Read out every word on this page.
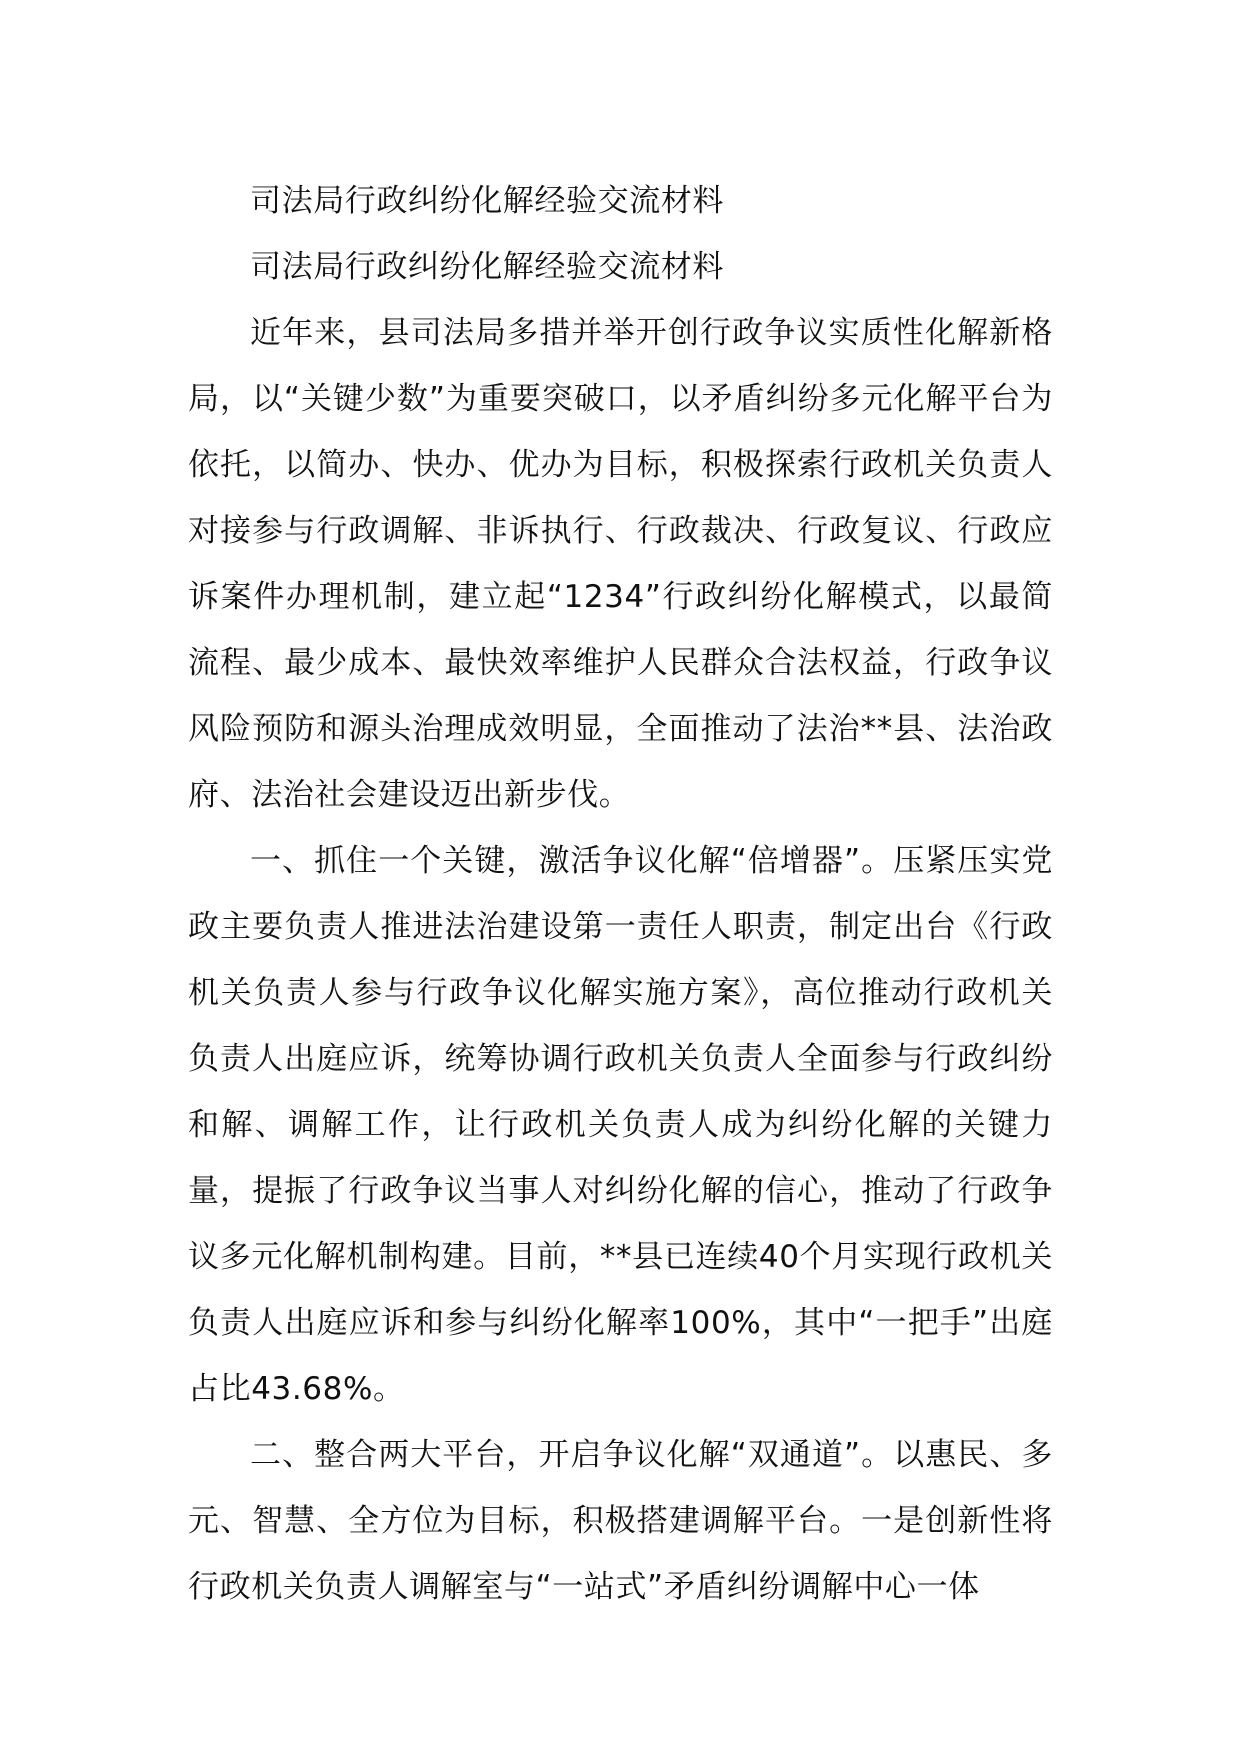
司法局行政纠纷化解经验交流材料
司法局行政纠纷化解经验交流材料

近年来，县司法局多措并举开创行政争议实质性化解新格局，以“关键少数”为重要突破口，以矛盾纠纷多元化解平台为依托，以简办、快办、优办为目标，积极探索行政机关负责人对接参与行政调解、非诉执行、行政裁决、行政复议、行政应诉案件办理机制，建立起“1234”行政纠纷化解模式，以最简流程、最少成本、最快效率维护人民群众合法权益，行政争议风险预防和源头治理成效明显，全面推动了法治**县、法治政府、法治社会建设迈出新步伐。

一、抓住一个关键，激活争议化解“倍增器”。压紧压实党政主要负责人推进法治建设第一责任人职责，制定出台《行政机关负责人参与行政争议化解实施方案》，高位推动行政机关负责人出庭应诉，统筹协调行政机关负责人全面参与行政纠纷和解、调解工作，让行政机关负责人成为纠纷化解的关键力量，提振了行政争议当事人对纠纷化解的信心，推动了行政争议多元化解机制构建。目前，**县已连续40个月实现行政机关负责人出庭应诉和参与纠纷化解率100%，其中“一把手”出庭占比43.68%。

二、整合两大平台，开启争议化解“双通道”。以惠民、多元、智慧、全方位为目标，积极搭建调解平台。一是创新性将行政机关负责人调解室与“一站式”矛盾纠纷调解中心一体
